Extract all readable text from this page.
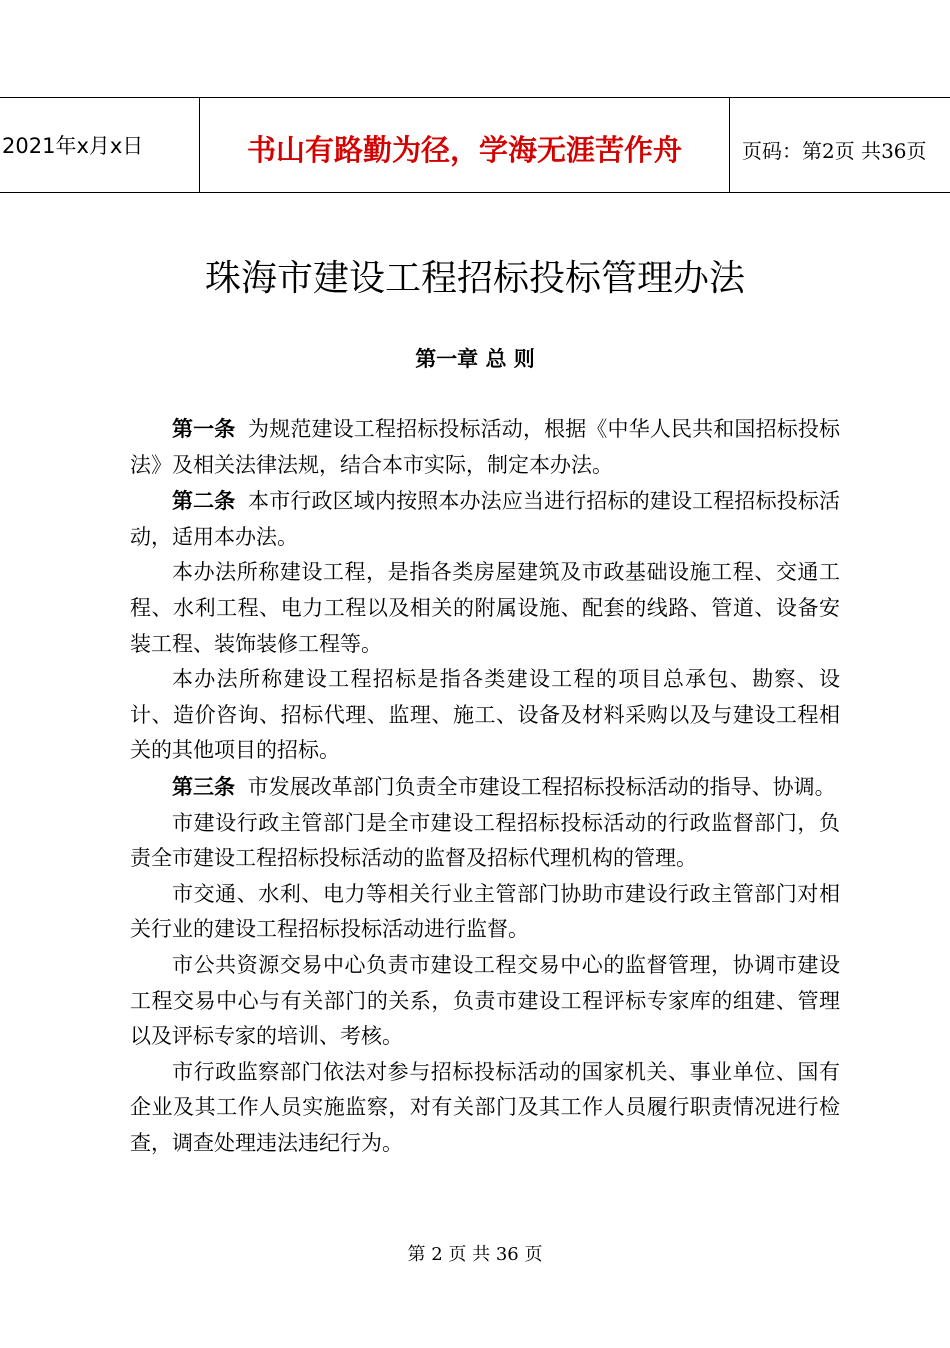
2021年x月x日	书山有路勤为径，学海无涯苦作舟	页码：第2页 共36页
珠海市建设工程招标投标管理办法
第一章 总 则

第一条 为规范建设工程招标投标活动，根据《中华人民共和国招标投标法》及相关法律法规，结合本市实际，制定本办法。

第二条 本市行政区域内按照本办法应当进行招标的建设工程招标投标活动，适用本办法。

本办法所称建设工程，是指各类房屋建筑及市政基础设施工程、交通工程、水利工程、电力工程以及相关的附属设施、配套的线路、管道、设备安装工程、装饰装修工程等。

本办法所称建设工程招标是指各类建设工程的项目总承包、勘察、设计、造价咨询、招标代理、监理、施工、设备及材料采购以及与建设工程相关的其他项目的招标。

第三条 市发展改革部门负责全市建设工程招标投标活动的指导、协调。

市建设行政主管部门是全市建设工程招标投标活动的行政监督部门，负责全市建设工程招标投标活动的监督及招标代理机构的管理。

市交通、水利、电力等相关行业主管部门协助市建设行政主管部门对相关行业的建设工程招标投标活动进行监督。

市公共资源交易中心负责市建设工程交易中心的监督管理，协调市建设工程交易中心与有关部门的关系，负责市建设工程评标专家库的组建、管理以及评标专家的培训、考核。

市行政监察部门依法对参与招标投标活动的国家机关、事业单位、国有企业及其工作人员实施监察，对有关部门及其工作人员履行职责情况进行检查，调查处理违法违纪行为。

第 2 页 共 36 页
